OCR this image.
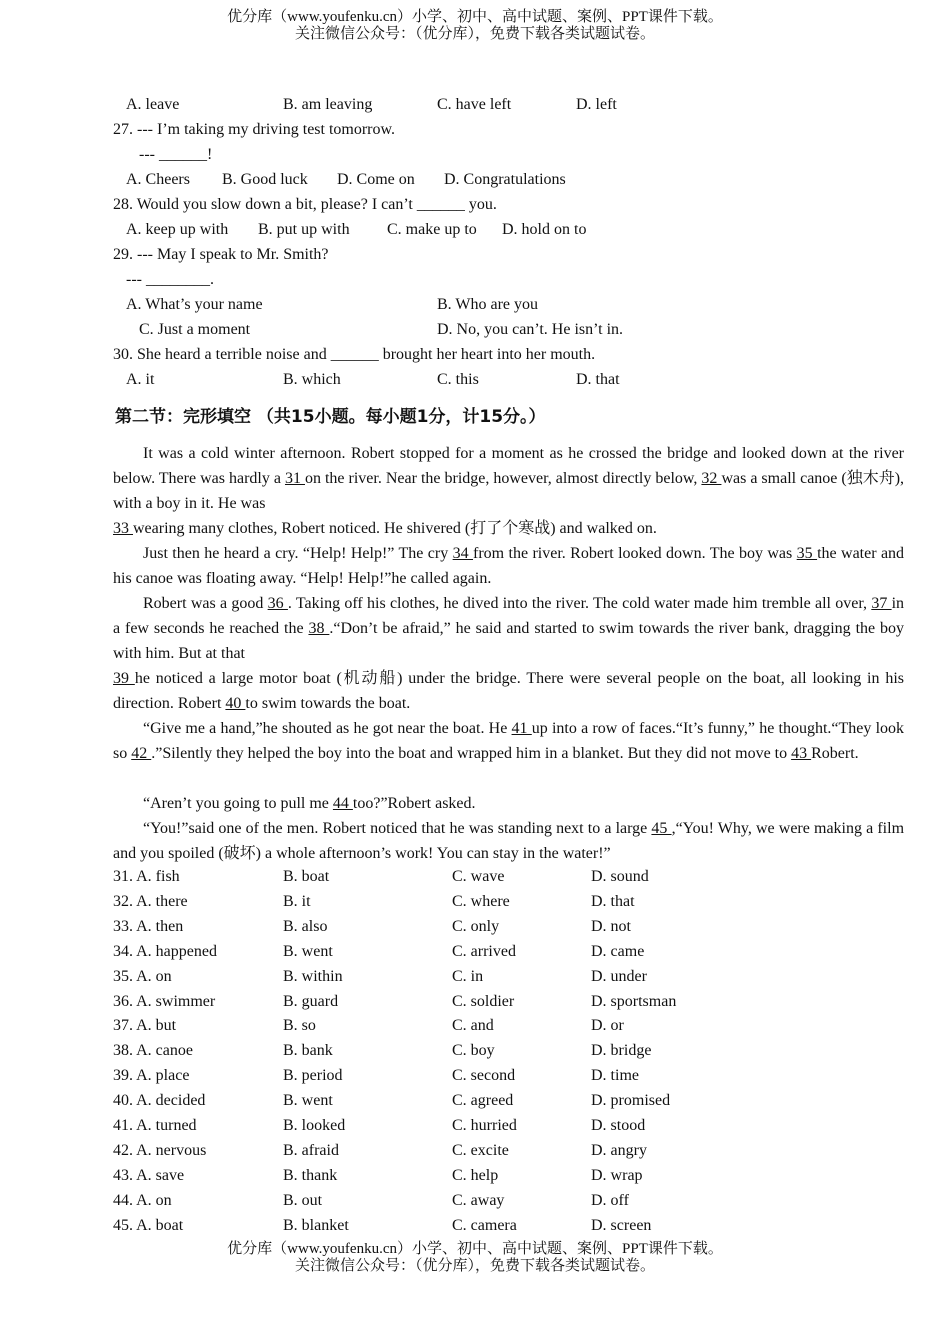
优分库（www.youfenku.cn）小学、初中、高中试题、案例、PPT课件下载。
关注微信公众号：（优分库），免费下载各类试题试卷。
A. leave	B. am leaving	C. have left	D. left
27. --- I’m taking my driving test tomorrow.
--- ______!
A. Cheers B. Good luck D. Come on D. Congratulations
28. Would you slow down a bit, please? I can’t ______ you.
A. keep up with B. put up with C. make up to D. hold on to
29. --- May I speak to Mr. Smith?
--- ________.
A. What’s your name	B. Who are you
C. Just a moment	D. No, you can’t. He isn’t in.
30. She heard a terrible noise and ______ brought her heart into her mouth.
A. it	B. which	C. this	D. that
第二节：完形填空 （共15小题。每小题1分，计15分。）
It was a cold winter afternoon. Robert stopped for a moment as he crossed the bridge and looked down at the river below. There was hardly a 31 on the river. Near the bridge, however, almost directly below, 32 was a small canoe (独木舟), with a boy in it. He was
33 wearing many clothes, Robert noticed. He shivered (打了个寒战) and walked on.
Just then he heard a cry. “Help! Help!” The cry 34 from the river. Robert looked down. The boy was 35 the water and his canoe was floating away. “Help! Help!”he called again.
Robert was a good 36 . Taking off his clothes, he dived into the river. The cold water made him tremble all over, 37 in a few seconds he reached the 38 .“Don’t be afraid,” he said and started to swim towards the river bank, dragging the boy with him. But at that
39 he noticed a large motor boat (机动船) under the bridge. There were several people on the boat, all looking in his direction. Robert 40 to swim towards the boat.
“Give me a hand,”he shouted as he got near the boat. He 41 up into a row of faces.“It’s funny,” he thought.“They look so 42 .”Silently they helped the boy into the boat and wrapped him in a blanket. But they did not move to 43 Robert.
“Aren’t you going to pull me 44 too?”Robert asked.
“You!”said one of the men. Robert noticed that he was standing next to a large 45 ,“You! Why, we were making a film and you spoiled (破坏) a whole afternoon’s work! You can stay in the water!”
31. A. fish	B. boat	C. wave	D. sound
32. A. there	B. it	C. where	D. that
33. A. then	B. also	C. only	D. not
34. A. happened	B. went	C. arrived	D. came
35. A. on	B. within	C. in	D. under
36. A. swimmer	B. guard	C. soldier	D. sportsman
37. A. but	B. so	C. and	D. or
38. A. canoe	B. bank	C. boy	D. bridge
39. A. place	B. period	C. second	D. time
40. A. decided	B. went	C. agreed	D. promised
41. A. turned	B. looked	C. hurried	D. stood
42. A. nervous	B. afraid	C. excite	D. angry
43. A. save	B. thank	C. help	D. wrap
44. A. on	B. out	C. away	D. off
45. A. boat	B. blanket	C. camera	D. screen
优分库（www.youfenku.cn）小学、初中、高中试题、案例、PPT课件下载。
关注微信公众号：（优分库），免费下载各类试题试卷。
